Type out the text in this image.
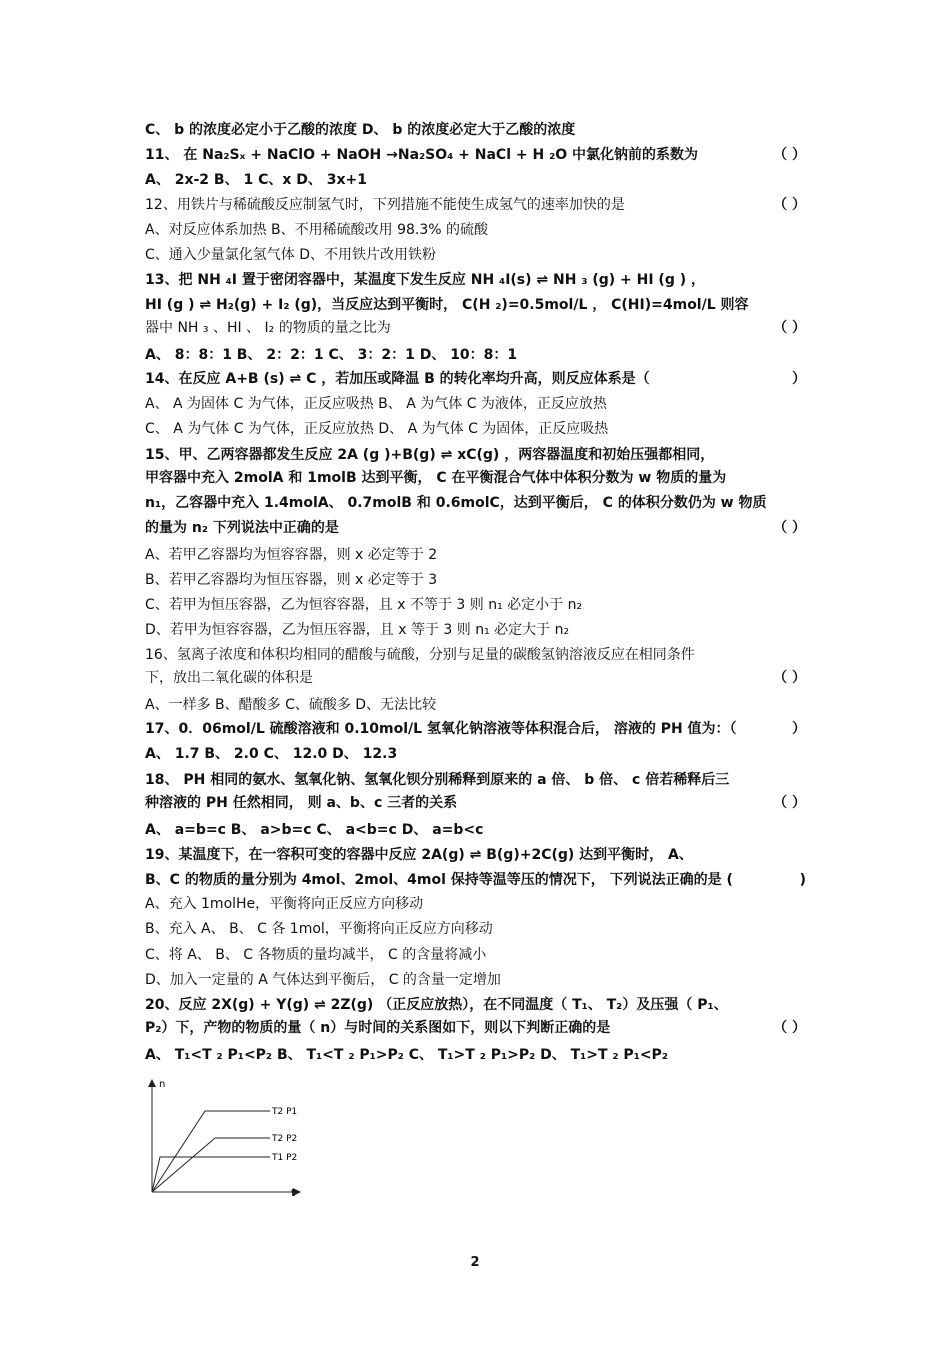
C、 b 的浓度必定小于乙酸的浓度 D、 b 的浓度必定大于乙酸的浓度
11、 在 Na₂Sₓ + NaClO + NaOH →Na₂SO₄ + NaCl + H ₂O 中氯化钠前的系数为	（ ）
A、 2x-2 B、 1 C、x D、 3x+1
12、用铁片与稀硫酸反应制氢气时，下列措施不能使生成氢气的速率加快的是	（ ）
A、对反应体系加热 B、不用稀硫酸改用 98.3% 的硫酸
C、通入少量氯化氢气体 D、不用铁片改用铁粉
13、把 NH ₄I 置于密闭容器中，某温度下发生反应 NH ₄I(s) ⇌ NH ₃ (g) + HI (g ) ，
HI (g ) ⇌ H₂(g) + I₂ (g)，当反应达到平衡时， C(H ₂)=0.5mol/L ， C(HI)=4mol/L 则容
器中 NH ₃ 、HI 、 I₂ 的物质的量之比为	（ ）
A、 8：8：1 B、 2：2：1 C、 3：2：1 D、 10：8：1
14、在反应 A+B (s) ⇌ C ，若加压或降温 B 的转化率均升高，则反应体系是（	）
A、 A 为固体 C 为气体，正反应吸热 B、 A 为气体 C 为液体，正反应放热
C、 A 为气体 C 为气体，正反应放热 D、 A 为气体 C 为固体，正反应吸热
15、甲、乙两容器都发生反应 2A (g )+B(g) ⇌ xC(g) ，两容器温度和初始压强都相同，
甲容器中充入 2molA 和 1molB 达到平衡， C 在平衡混合气体中体积分数为 w 物质的量为
n₁，乙容器中充入 1.4molA、 0.7molB 和 0.6molC，达到平衡后， C 的体积分数仍为 w 物质
的量为 n₂ 下列说法中正确的是	（ ）
A、若甲乙容器均为恒容容器，则 x 必定等于 2
B、若甲乙容器均为恒压容器，则 x 必定等于 3
C、若甲为恒压容器，乙为恒容容器，且 x 不等于 3 则 n₁ 必定小于 n₂
D、若甲为恒容容器，乙为恒压容器，且 x 等于 3 则 n₁ 必定大于 n₂
16、氢离子浓度和体积均相同的醋酸与硫酸，分别与足量的碳酸氢钠溶液反应在相同条件
下，放出二氧化碳的体积是	（ ）
A、一样多 B、醋酸多 C、硫酸多 D、无法比较
17、0．06mol/L 硫酸溶液和 0.10mol/L 氢氧化钠溶液等体积混合后， 溶液的 PH 值为：（	）
A、 1.7 B、 2.0 C、 12.0 D、 12.3
18、 PH 相同的氨水、氢氧化钠、氢氧化钡分别稀释到原来的 a 倍、 b 倍、 c 倍若稀释后三
种溶液的 PH 任然相同， 则 a、b、c 三者的关系	（ ）
A、 a=b=c B、 a>b=c C、 a<b=c D、 a=b<c
19、某温度下，在一容积可变的容器中反应 2A(g) ⇌ B(g)+2C(g) 达到平衡时， A、
B、C 的物质的量分别为 4mol、2mol、4mol 保持等温等压的情况下， 下列说法正确的是 (	)
A、充入 1molHe，平衡将向正反应方向移动
B、充入 A、 B、 C 各 1mol，平衡将向正反应方向移动
C、将 A、 B、 C 各物质的量均减半， C 的含量将减小
D、加入一定量的 A 气体达到平衡后， C 的含量一定增加
20、反应 2X(g) + Y(g) ⇌ 2Z(g) （正反应放热），在不同温度（ T₁、 T₂）及压强（ P₁、
P₂）下，产物的物质的量（ n）与时间的关系图如下，则以下判断正确的是	（ ）
A、 T₁<T ₂ P₁<P₂ B、 T₁<T ₂ P₁>P₂ C、 T₁>T ₂ P₁>P₂ D、 T₁>T ₂ P₁<P₂
n
t
T2 P1
T2 P2
T1 P2
2
